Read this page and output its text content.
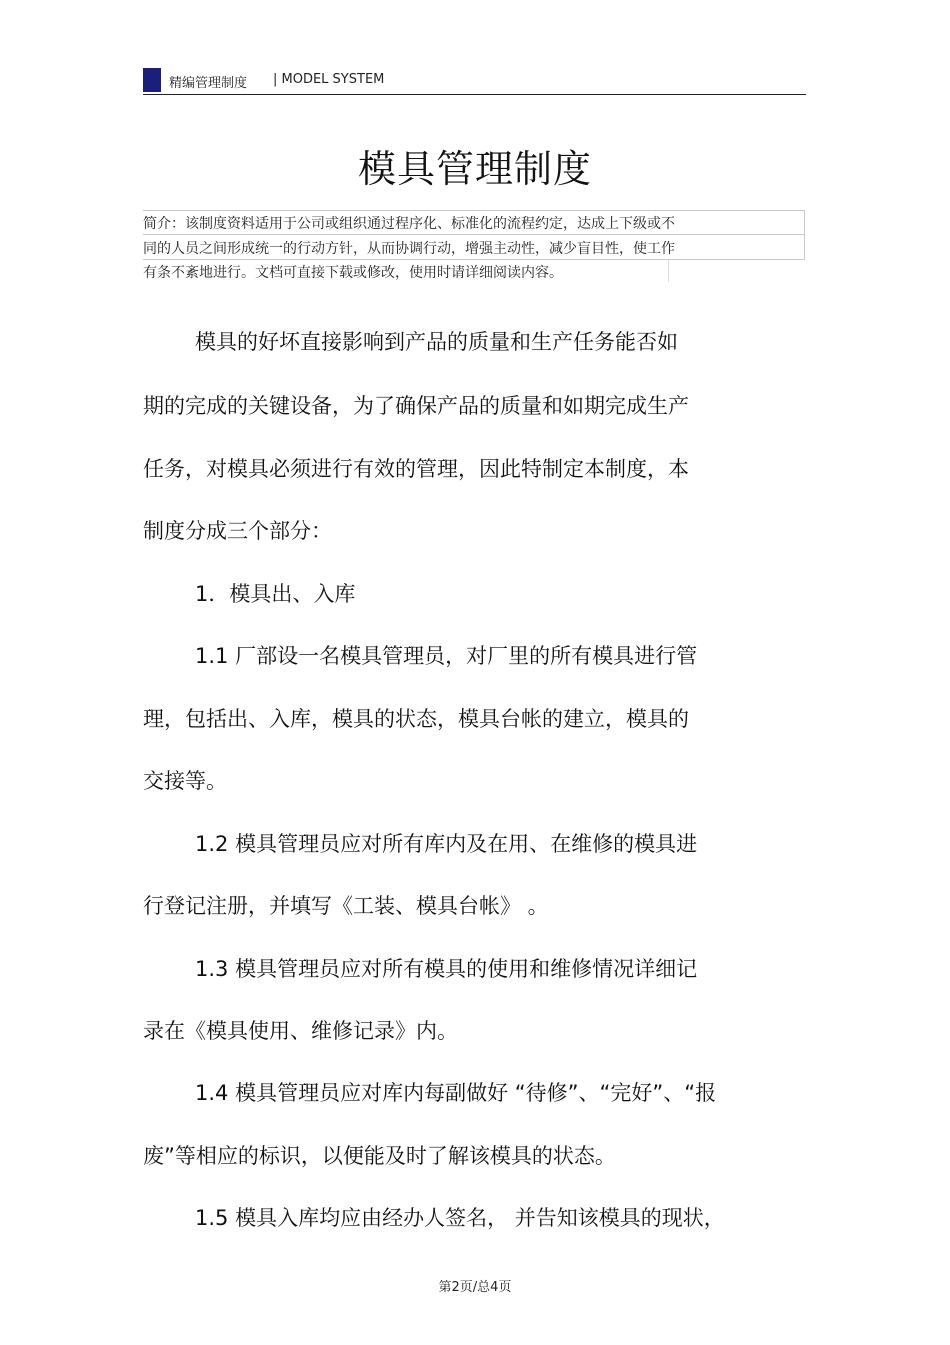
精编管理制度 | MODEL SYSTEM
模具管理制度
简介：该制度资料适用于公司或组织通过程序化、标准化的流程约定，达成上下级或不
同的人员之间形成统一的行动方针，从而协调行动，增强主动性，减少盲目性，使工作
有条不紊地进行。文档可直接下载或修改，使用时请详细阅读内容。
模具的好坏直接影响到产品的质量和生产任务能否如
期的完成的关键设备，为了确保产品的质量和如期完成生产
任务，对模具必须进行有效的管理，因此特制定本制度，本
制度分成三个部分：
1．模具出、入库
1.1 厂部设一名模具管理员，对厂里的所有模具进行管
理，包括出、入库，模具的状态，模具台帐的建立，模具的
交接等。
1.2 模具管理员应对所有库内及在用、在维修的模具进
行登记注册，并填写《工装、模具台帐》 。
1.3 模具管理员应对所有模具的使用和维修情况详细记
录在《模具使用、维修记录》内。
1.4 模具管理员应对库内每副做好 “待修”、“完好”、“报
废”等相应的标识，以便能及时了解该模具的状态。
1.5 模具入库均应由经办人签名， 并告知该模具的现状，
第2页/总4页
